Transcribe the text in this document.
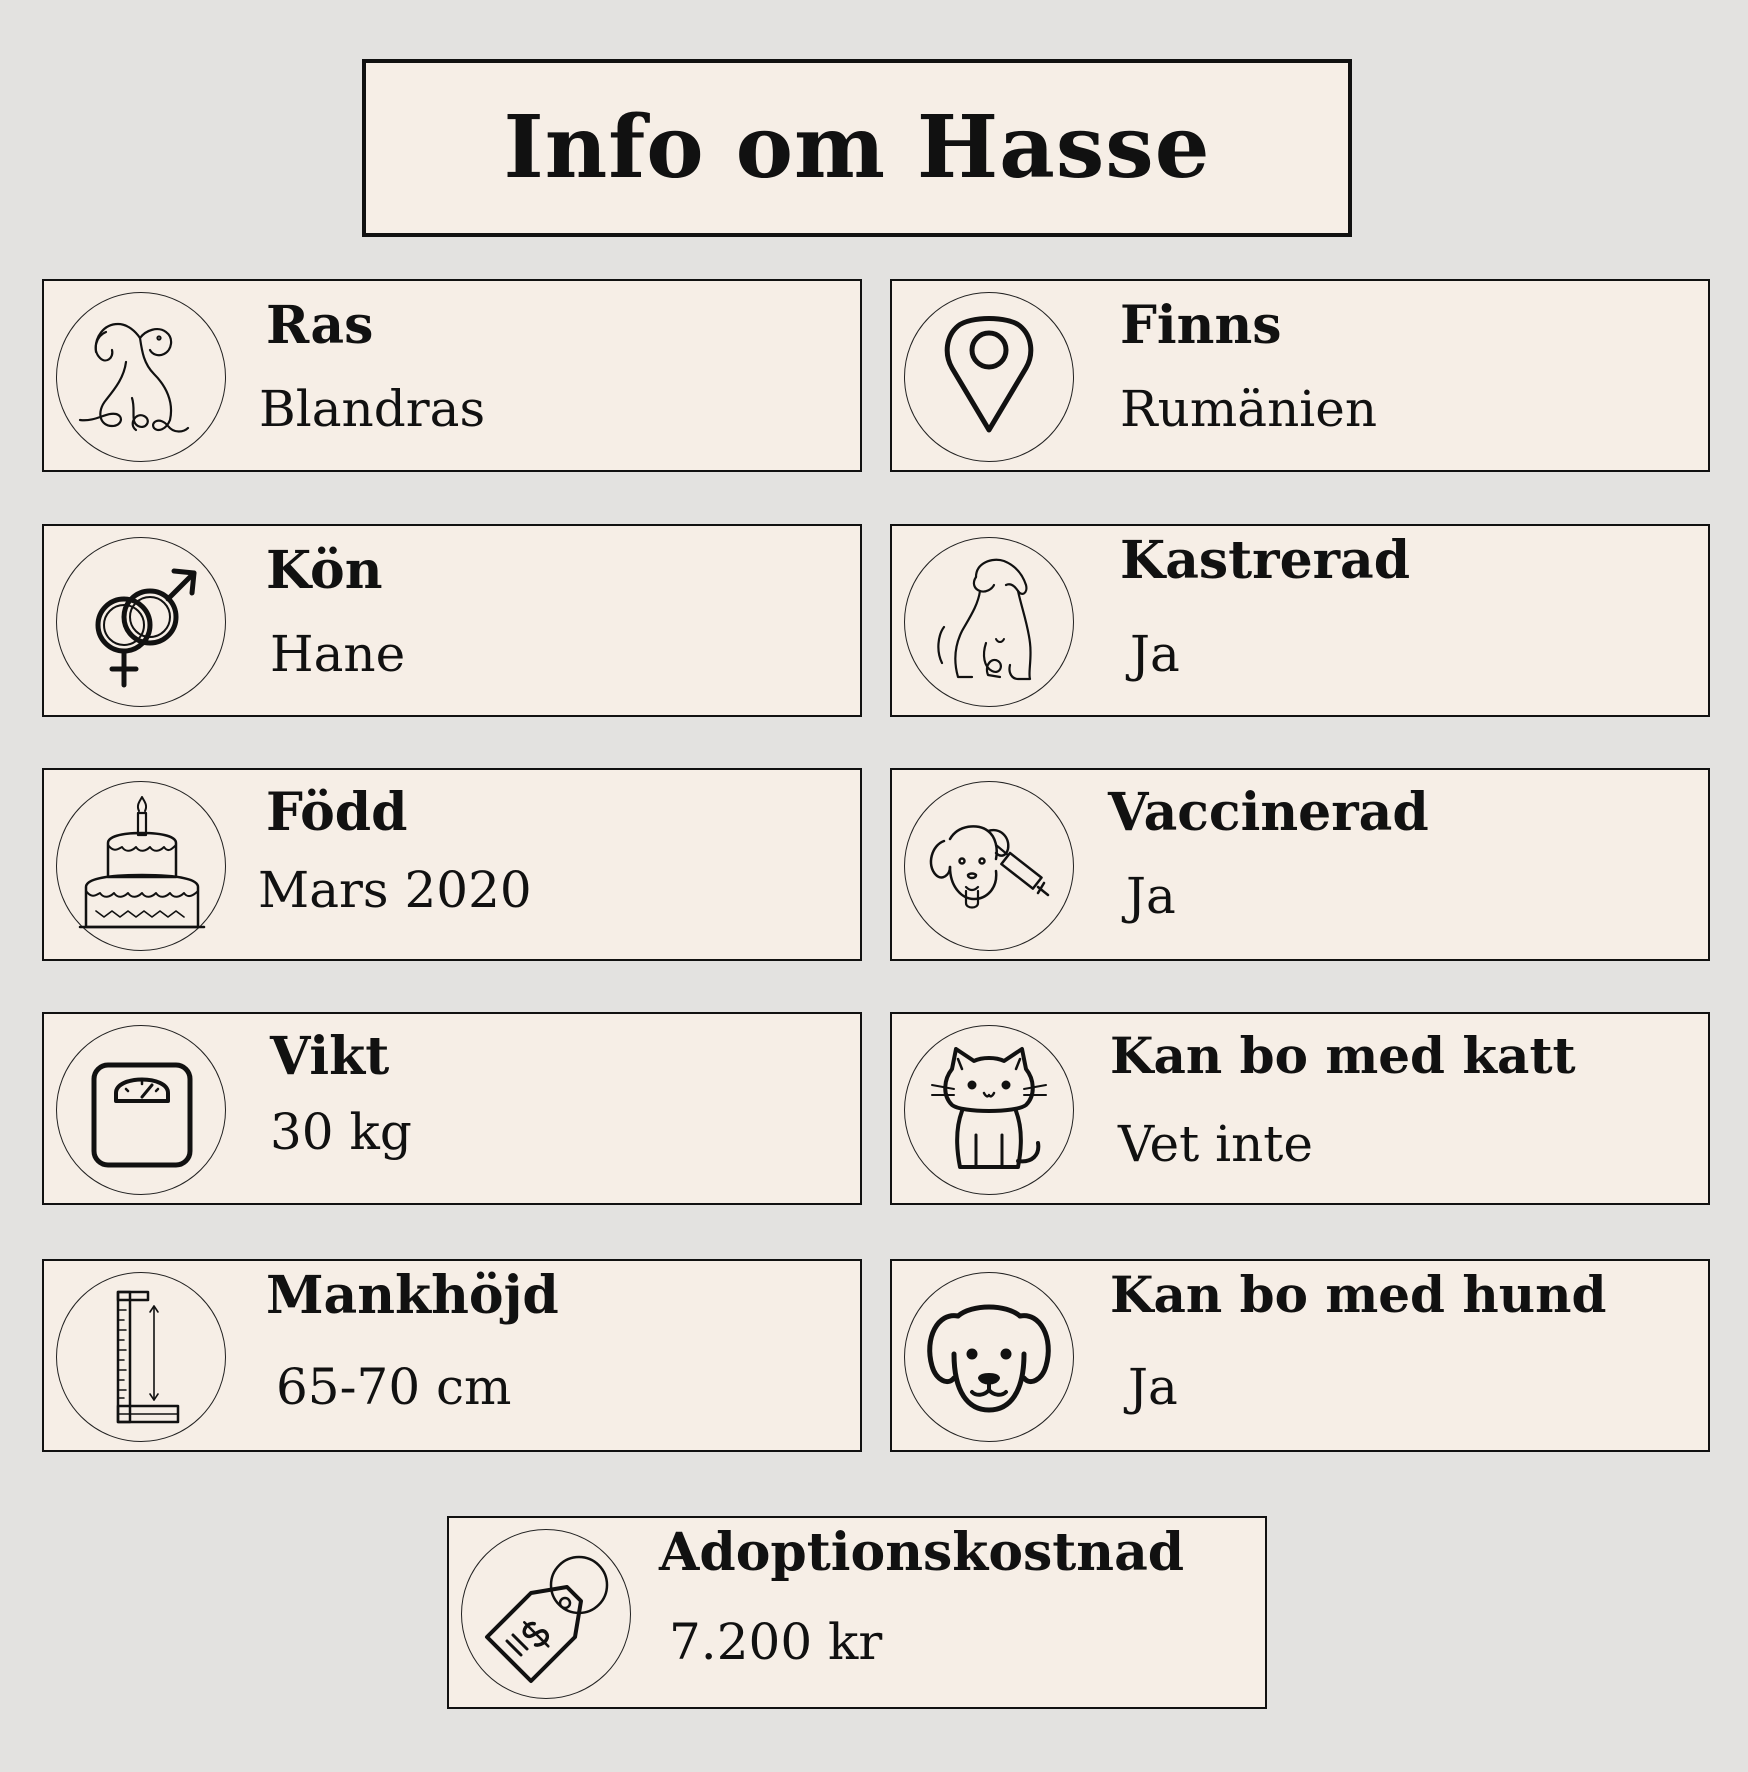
Info om Hasse
Ras
Blandras
Finns
Rumänien
Kön
Hane
Kastrerad
Ja
Född
Mars 2020
Vaccinerad
Ja
Vikt
30 kg
Kan bo med katt
Vet inte
Mankhöjd
65-70 cm
Kan bo med hund
Ja
Adoptionskostnad
7.200 kr
